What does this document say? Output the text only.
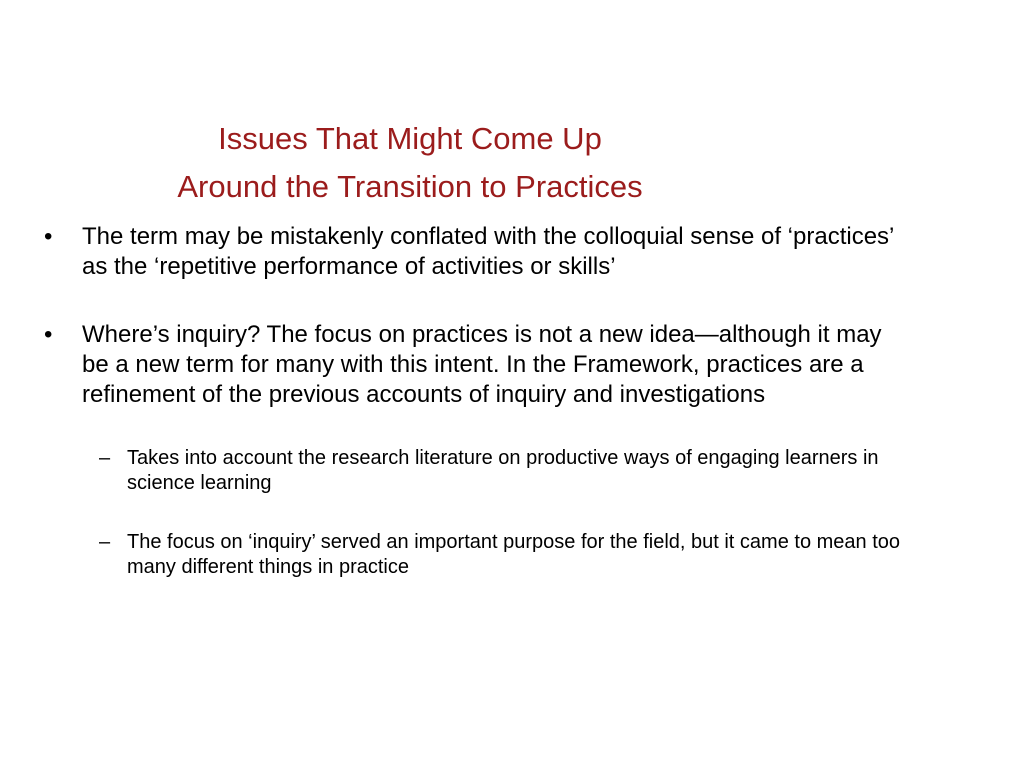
Issues That Might Come Up
Around the Transition to Practices
•	The term may be mistakenly conflated with the colloquial sense of ‘practices’ as the ‘repetitive performance of activities or skills’
•	Where’s inquiry? The focus on practices is not a new idea—although it may be a new term for many with this intent. In the Framework, practices are a refinement of the previous accounts of inquiry and investigations
– Takes into account the research literature on productive ways of engaging learners in science learning
– The focus on ‘inquiry’ served an important purpose for the field, but it came to mean too many different things in practice
